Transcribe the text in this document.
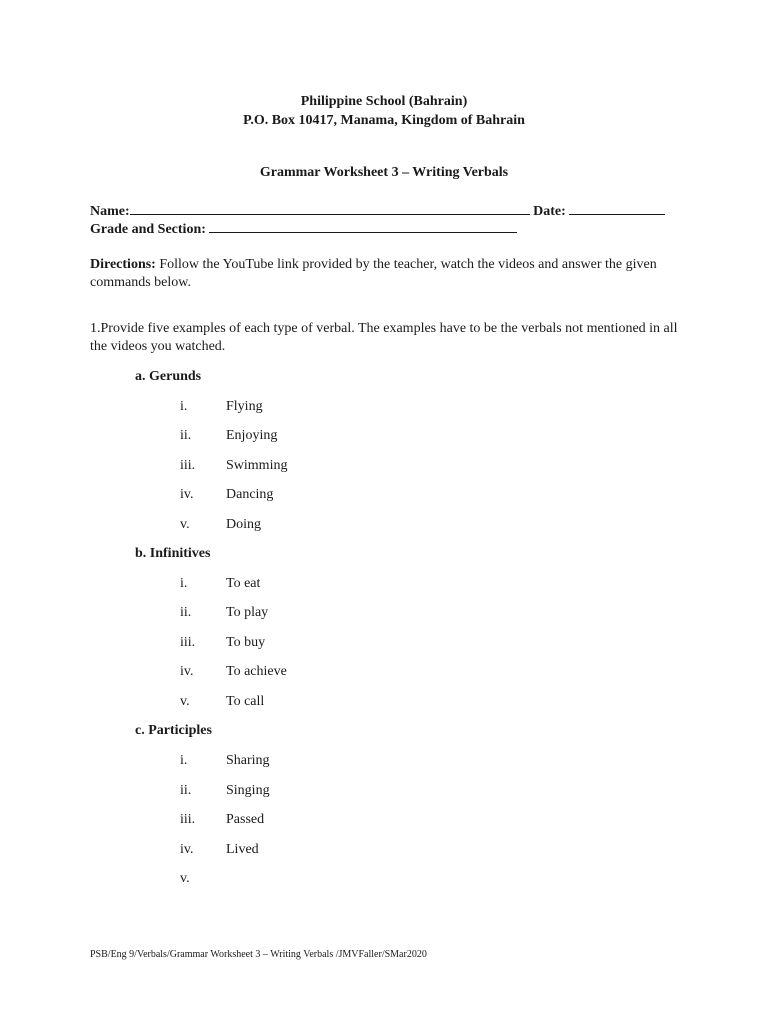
Philippine School (Bahrain)
P.O. Box 10417, Manama, Kingdom of Bahrain
Grammar Worksheet 3 – Writing Verbals
Name:	Date:
Grade and Section:
Directions: Follow the YouTube link provided by the teacher, watch the videos and answer the given commands below.
1.Provide five examples of each type of verbal. The examples have to be the verbals not mentioned in all the videos you watched.
a. Gerunds
i.	Flying
ii.	Enjoying
iii.	Swimming
iv.	Dancing
v.	Doing
b. Infinitives
i.	To eat
ii.	To play
iii.	To buy
iv.	To achieve
v.	To call
c. Participles
i.	Sharing
ii.	Singing
iii.	Passed
iv.	Lived
v.
PSB/Eng 9/Verbals/Grammar Worksheet 3 – Writing Verbals /JMVFaller/SMar2020
